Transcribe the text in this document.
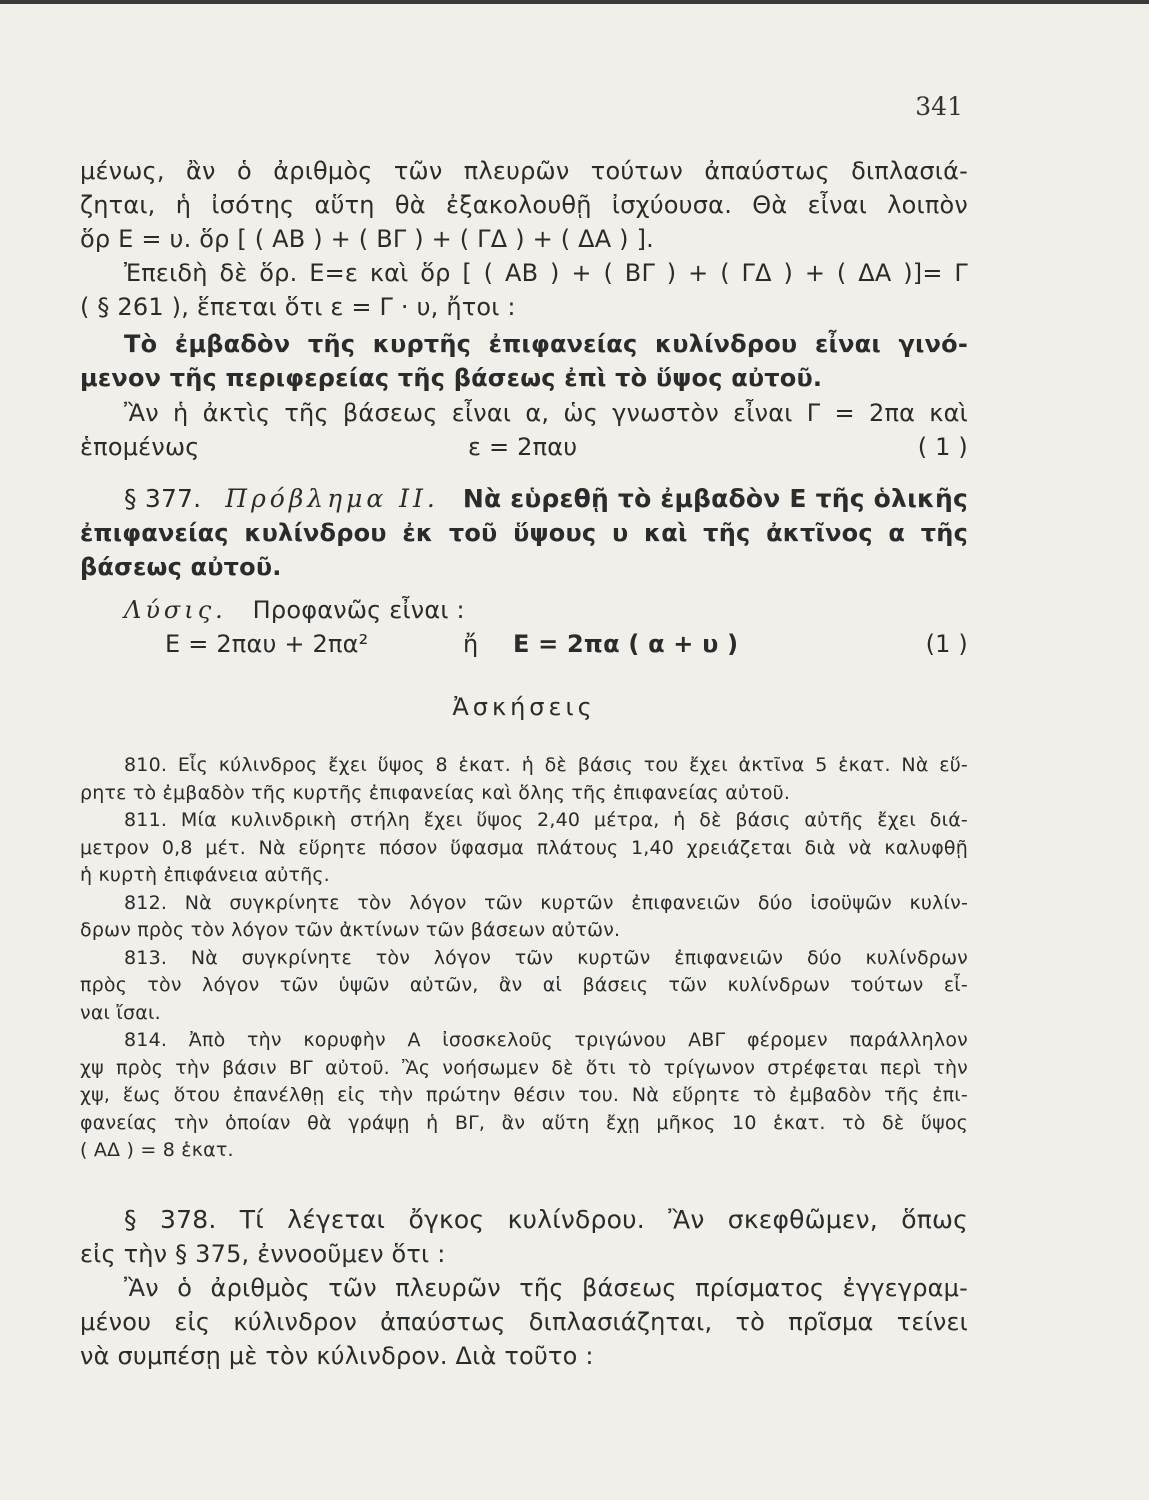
341
μένως, ἂν ὁ ἀριθμὸς τῶν πλευρῶν τούτων ἀπαύστως διπλασιά-
ζηται, ἡ ἰσότης αὕτη θὰ ἐξακολουθῇ ἰσχύουσα. Θὰ εἶναι λοιπὸν
ὅρ Ε = υ. ὅρ [ ( ΑΒ ) + ( ΒΓ ) + ( ΓΔ ) + ( ΔΑ ) ].
Ἐπειδὴ δὲ ὅρ. Ε=ε καὶ ὅρ [ ( ΑΒ ) + ( ΒΓ ) + ( ΓΔ ) + ( ΔΑ )]= Γ
( § 261 ), ἕπεται ὅτι ε = Γ · υ, ἤτοι :
Τὸ ἐμβαδὸν τῆς κυρτῆς ἐπιφανείας κυλίνδρου εἶναι γινό-
μενον τῆς περιφερείας τῆς βάσεως ἐπὶ τὸ ὕψος αὐτοῦ.
Ἂν ἡ ἀκτὶς τῆς βάσεως εἶναι α, ὡς γνωστὸν εἶναι Γ = 2πα καὶ
ἑπομένως	ε = 2παυ	( 1 )
§ 377. Πρόβλημα ΙΙ. Νὰ εὑρεθῇ τὸ ἐμβαδὸν Ε τῆς ὁλικῆς
ἐπιφανείας κυλίνδρου ἐκ τοῦ ὕψους υ καὶ τῆς ἀκτῖνος α τῆς
βάσεως αὐτοῦ.
Λύσις. Προφανῶς εἶναι :
Ε = 2παυ + 2πα²	ἤ Ε = 2πα ( α + υ )	(1 )
Ἀσκήσεις
810. Εἷς κύλινδρος ἔχει ὕψος 8 ἑκατ. ἡ δὲ βάσις του ἔχει ἀκτῖνα 5 ἑκατ. Νὰ εὕ-
ρητε τὸ ἐμβαδὸν τῆς κυρτῆς ἐπιφανείας καὶ ὅλης τῆς ἐπιφανείας αὐτοῦ.
811. Μία κυλινδρικὴ στήλη ἔχει ὕψος 2,40 μέτρα, ἡ δὲ βάσις αὐτῆς ἔχει διά-
μετρον 0,8 μέτ. Νὰ εὕρητε πόσον ὕφασμα πλάτους 1,40 χρειάζεται διὰ νὰ καλυφθῇ
ἡ κυρτὴ ἐπιφάνεια αὐτῆς.
812. Νὰ συγκρίνητε τὸν λόγον τῶν κυρτῶν ἐπιφανειῶν δύο ἰσοϋψῶν κυλίν-
δρων πρὸς τὸν λόγον τῶν ἀκτίνων τῶν βάσεων αὐτῶν.
813. Νὰ συγκρίνητε τὸν λόγον τῶν κυρτῶν ἐπιφανειῶν δύο κυλίνδρων
πρὸς τὸν λόγον τῶν ὑψῶν αὐτῶν, ἂν αἱ βάσεις τῶν κυλίνδρων τούτων εἶ-
ναι ἴσαι.
814. Ἀπὸ τὴν κορυφὴν Α ἰσοσκελοῦς τριγώνου ΑΒΓ φέρομεν παράλληλον
χψ πρὸς τὴν βάσιν ΒΓ αὐτοῦ. Ἂς νοήσωμεν δὲ ὅτι τὸ τρίγωνον στρέφεται περὶ τὴν
χψ, ἕως ὅτου ἐπανέλθῃ εἰς τὴν πρώτην θέσιν του. Νὰ εὕρητε τὸ ἐμβαδὸν τῆς ἐπι-
φανείας τὴν ὁποίαν θὰ γράψῃ ἡ ΒΓ, ἂν αὕτη ἔχῃ μῆκος 10 ἑκατ. τὸ δὲ ὕψος
( ΑΔ ) = 8 ἑκατ.
§ 378. Τί λέγεται ὄγκος κυλίνδρου. Ἂν σκεφθῶμεν, ὅπως
εἰς τὴν § 375, ἐννοοῦμεν ὅτι :
Ἂν ὁ ἀριθμὸς τῶν πλευρῶν τῆς βάσεως πρίσματος ἐγγεγραμ-
μένου εἰς κύλινδρον ἀπαύστως διπλασιάζηται, τὸ πρῖσμα τείνει
νὰ συμπέσῃ μὲ τὸν κύλινδρον. Διὰ τοῦτο :
